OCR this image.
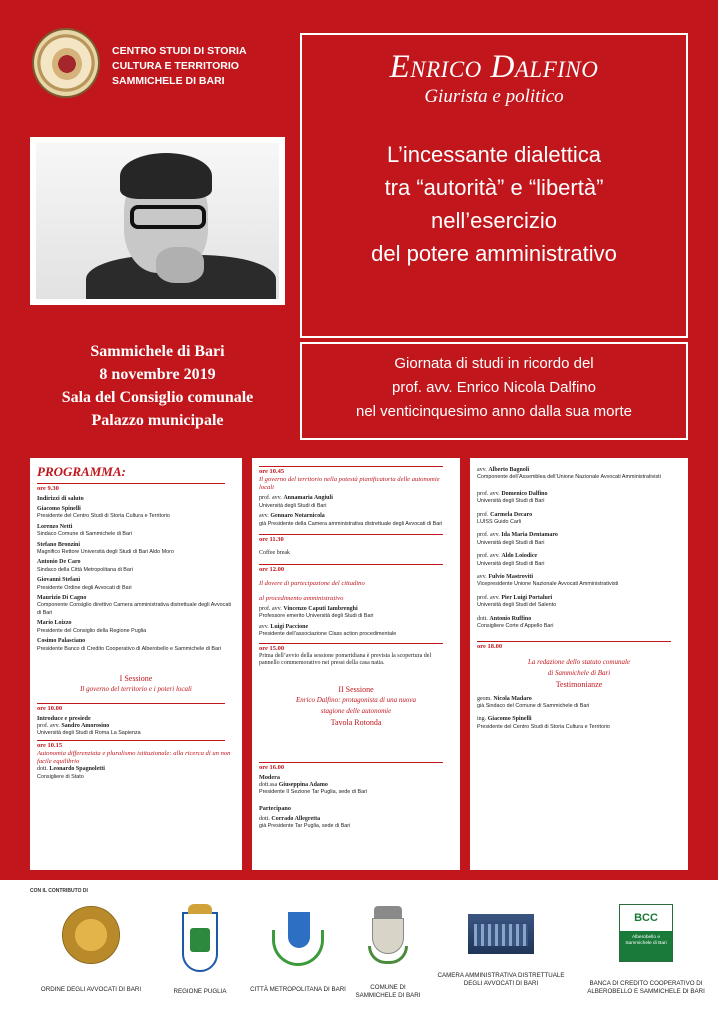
CENTRO STUDI DI STORIA
CULTURA E TERRITORIO
SAMMICHELE DI BARI	Enrico Dalfino
Giurista e politico
L’incessante dialettica
tra “autorità” e “libertà”
nell’esercizio
del potere amministrativo
Sammichele di Bari
8 novembre 2019
Sala del Consiglio comunale
Palazzo municipale
Giornata di studi in ricordo del
prof. avv. Enrico Nicola Dalfino
nel venticinquesimo anno dalla sua morte
PROGRAMMA:
ore 9.30
Indirizzi di saluto
Giacomo Spinelli
Presidente del Centro Studi di Storia Cultura e Territorio
Lorenzo Netti
Sindaco Comune di Sammichele di Bari
Stefano Bronzini
Magnifico Rettore Università degli Studi di Bari Aldo Moro
Antonio De Caro
Sindaco della Città Metropolitana di Bari
Giovanni Stefanì
Presidente Ordine degli Avvocati di Bari
Maurizio Di Cagno
Componente Consiglio direttivo Camera amministrativa distrettuale degli Avvocati di Bari
Mario Loizzo
Presidente del Consiglio della Regione Puglia
Cosimo Palasciano
Presidente Banco di Credito Cooperativo di Alberobello e Sammichele di Bari
I Sessione
Il governo del territorio e i poteri locali
ore 10.00
Introduce e presiede
prof. avv. Sandro Amorosino
Università degli Studi di Roma La Sapienza
ore 10.15
Autonomia differenziata e pluralismo istituzionale: alla ricerca di un non facile equilibrio
dott. Leonardo Spagnoletti
Consigliere di Stato
ore 10.45
Il governo del territorio nella potestà pianificatoria delle autonomie locali
prof. avv. Annamaria Angiuli
Università degli Studi di Bari
avv. Gennaro Notarnicola
già Presidente della Camera amministrativa distrettuale degli Avvocati di Bari
ore 11.30
Coffee break
ore 12.00
Il dovere di partecipazione del cittadino
al procedimento amministrativo
prof. avv. Vincenzo Caputi Iambrenghi
Professore emerito Università degli Studi di Bari
avv. Luigi Paccione
Presidente dell’associazione Class action procedimentale
ore 15.00
Prima dell’avvio della sessione pomeridiana è prevista la scopertura del pannello commemorativo nei pressi della casa natia.
II Sessione
Enrico Dalfino: protagonista di una nuova
stagione delle autonomie
Tavola Rotonda
ore 16.00
Modera
dott.ssa Giuseppina Adamo
Presidente II Sezione Tar Puglia, sede di Bari
Partecipano
dott. Corrado Allegretta
già Presidente Tar Puglia, sede di Bari
avv. Alberto Bagnoli
Componente dell’Assemblea dell’Unione Nazionale Avvocati Amministrativisti
prof. avv. Domenico Dalfino
Università degli Studi di Bari
prof. Carmela Decaro
LUISS Guido Carli
prof. avv. Ida Maria Dentamaro
Università degli Studi di Bari
prof. avv. Aldo Loiodice
Università degli Studi di Bari
avv. Fulvio Mastroviti
Vicepresidente Unione Nazionale Avvocati Amministrativisti
prof. avv. Pier Luigi Portaluri
Università degli Studi del Salento
dott. Antonio Ruffino
Consigliere Corte d’Appello Bari
ore 18.00
La redazione dello statuto comunale
di Sammichele di Bari
Testimonianze
geom. Nicola Madaro
già Sindaco del Comune di Sammichele di Bari
ing. Giacomo Spinelli
Presidente del Centro Studi di Storia Cultura e Territorio
CON IL CONTRIBUTO DI
ORDINE DEGLI AVVOCATI DI BARI	REGIONE PUGLIA	CITTÀ METROPOLITANA DI BARI	COMUNE DI
SAMMICHELE DI BARI
CAMERA AMMINISTRATIVA DISTRETTUALE
DEGLI AVVOCATI DI BARI
BCC
Alberobello e Sammichele di Bari
BANCA DI CREDITO COOPERATIVO DI
ALBEROBELLO E SAMMICHELE DI BARI
